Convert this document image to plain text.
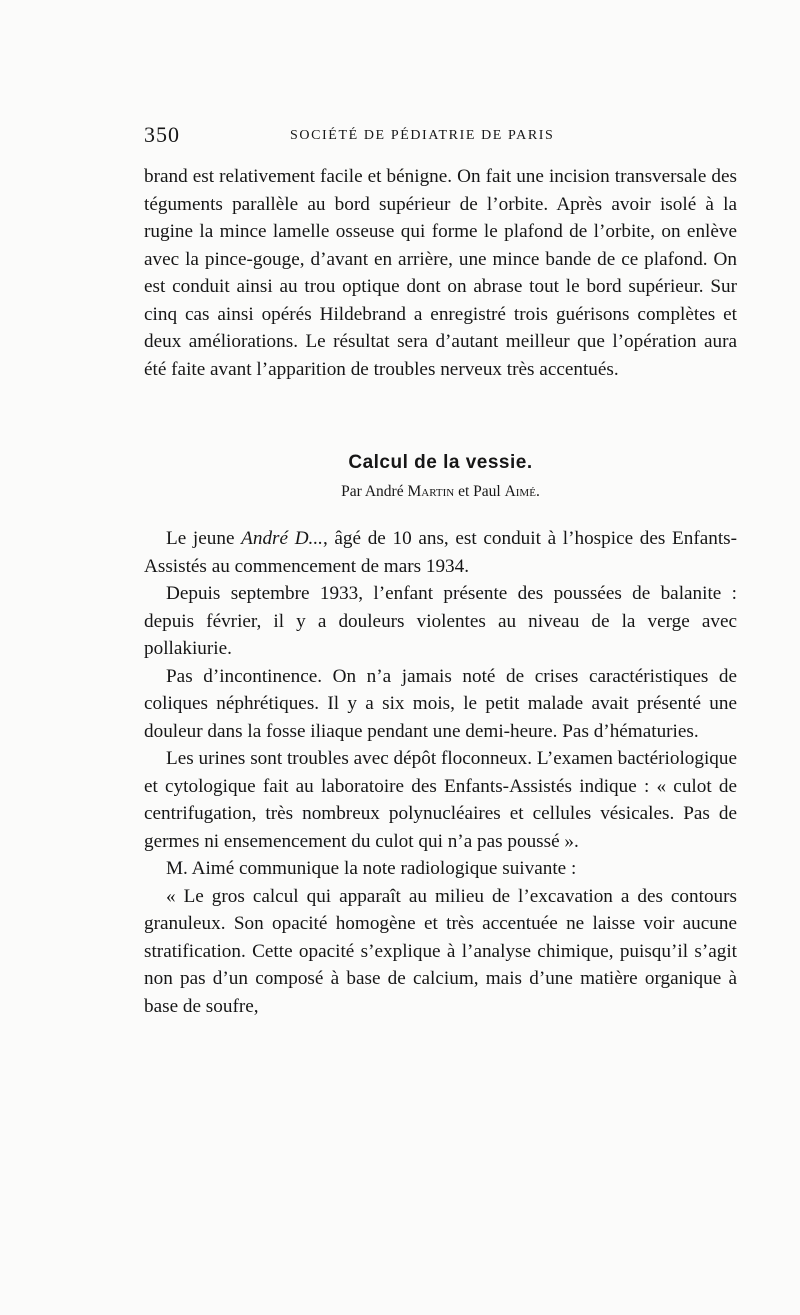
350	SOCIÉTÉ DE PÉDIATRIE DE PARIS

brand est relativement facile et bénigne. On fait une incision transversale des téguments parallèle au bord supérieur de l’orbite. Après avoir isolé à la rugine la mince lamelle osseuse qui forme le plafond de l’orbite, on enlève avec la pince-gouge, d’avant en arrière, une mince bande de ce plafond. On est conduit ainsi au trou optique dont on abrase tout le bord supérieur. Sur cinq cas ainsi opérés Hildebrand a enregistré trois guérisons complètes et deux améliorations. Le résultat sera d’autant meilleur que l’opération aura été faite avant l’apparition de troubles nerveux très accentués.

Calcul de la vessie.
Par André Martin et Paul Aimé.

Le jeune André D..., âgé de 10 ans, est conduit à l’hospice des Enfants-Assistés au commencement de mars 1934.

Depuis septembre 1933, l’enfant présente des poussées de balanite : depuis février, il y a douleurs violentes au niveau de la verge avec pollakiurie.

Pas d’incontinence. On n’a jamais noté de crises caractéristiques de coliques néphrétiques. Il y a six mois, le petit malade avait présenté une douleur dans la fosse iliaque pendant une demi-heure. Pas d’hématuries.

Les urines sont troubles avec dépôt floconneux. L’examen bactériologique et cytologique fait au laboratoire des Enfants-Assistés indique : « culot de centrifugation, très nombreux polynucléaires et cellules vésicales. Pas de germes ni ensemencement du culot qui n’a pas poussé ».

M. Aimé communique la note radiologique suivante :

« Le gros calcul qui apparaît au milieu de l’excavation a des contours granuleux. Son opacité homogène et très accentuée ne laisse voir aucune stratification. Cette opacité s’explique à l’analyse chimique, puisqu’il s’agit non pas d’un composé à base de calcium, mais d’une matière organique à base de soufre,
